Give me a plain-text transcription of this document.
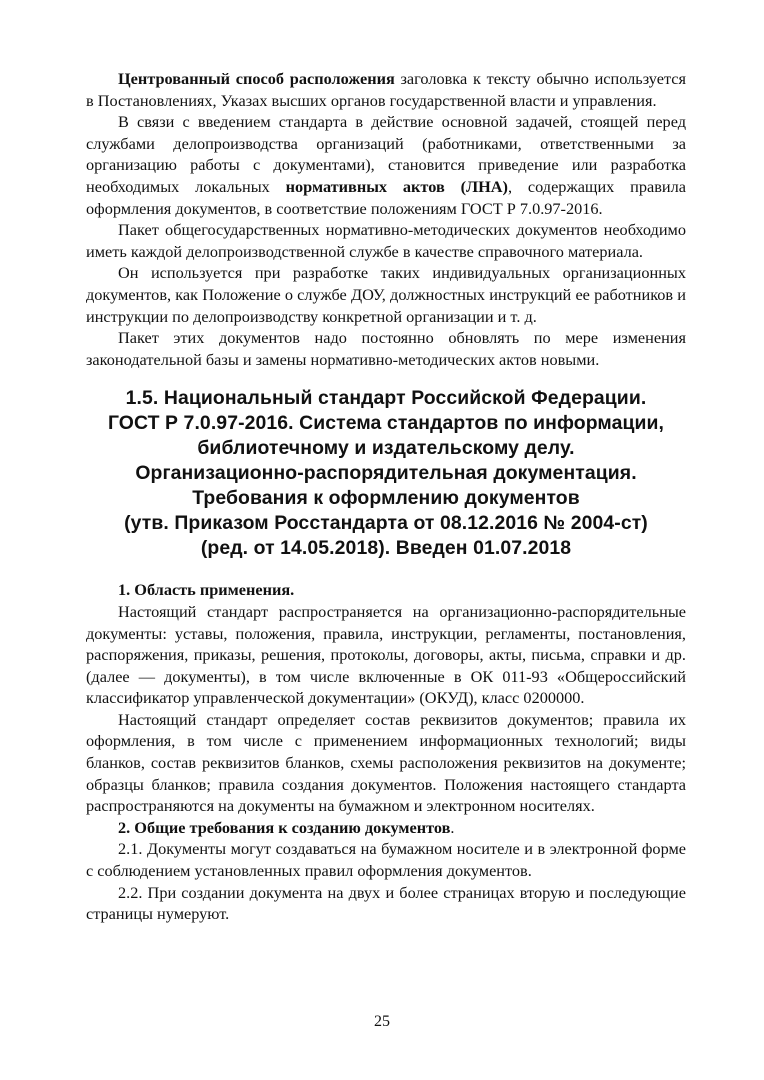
Центрованный способ расположения заголовка к тексту обычно используется в Постановлениях, Указах высших органов государственной власти и управления.

В связи с введением стандарта в действие основной задачей, стоящей перед службами делопроизводства организаций (работниками, ответственными за организацию работы с документами), становится приведение или разработка необходимых локальных нормативных актов (ЛНА), содержащих правила оформления документов, в соответствие положениям ГОСТ Р 7.0.97-2016.

Пакет общегосударственных нормативно-методических документов необходимо иметь каждой делопроизводственной службе в качестве справочного материала.

Он используется при разработке таких индивидуальных организационных документов, как Положение о службе ДОУ, должностных инструкций ее работников и инструкции по делопроизводству конкретной организации и т. д.

Пакет этих документов надо постоянно обновлять по мере изменения законодательной базы и замены нормативно-методических актов новыми.

1.5. Национальный стандарт Российской Федерации.
ГОСТ Р 7.0.97-2016. Система стандартов по информации,
библиотечному и издательскому делу.
Организационно-распорядительная документация.
Требования к оформлению документов
(утв. Приказом Росстандарта от 08.12.2016 № 2004-ст)
(ред. от 14.05.2018). Введен 01.07.2018

1. Область применения.

Настоящий стандарт распространяется на организационно-распорядительные документы: уставы, положения, правила, инструкции, регламенты, постановления, распоряжения, приказы, решения, протоколы, договоры, акты, письма, справки и др. (далее — документы), в том числе включенные в ОК 011-93 «Общероссийский классификатор управленческой документации» (ОКУД), класс 0200000.

Настоящий стандарт определяет состав реквизитов документов; правила их оформления, в том числе с применением информационных технологий; виды бланков, состав реквизитов бланков, схемы расположения реквизитов на документе; образцы бланков; правила создания документов. Положения настоящего стандарта распространяются на документы на бумажном и электронном носителях.

2. Общие требования к созданию документов.

2.1. Документы могут создаваться на бумажном носителе и в электронной форме с соблюдением установленных правил оформления документов.

2.2. При создании документа на двух и более страницах вторую и последующие страницы нумеруют.

25
